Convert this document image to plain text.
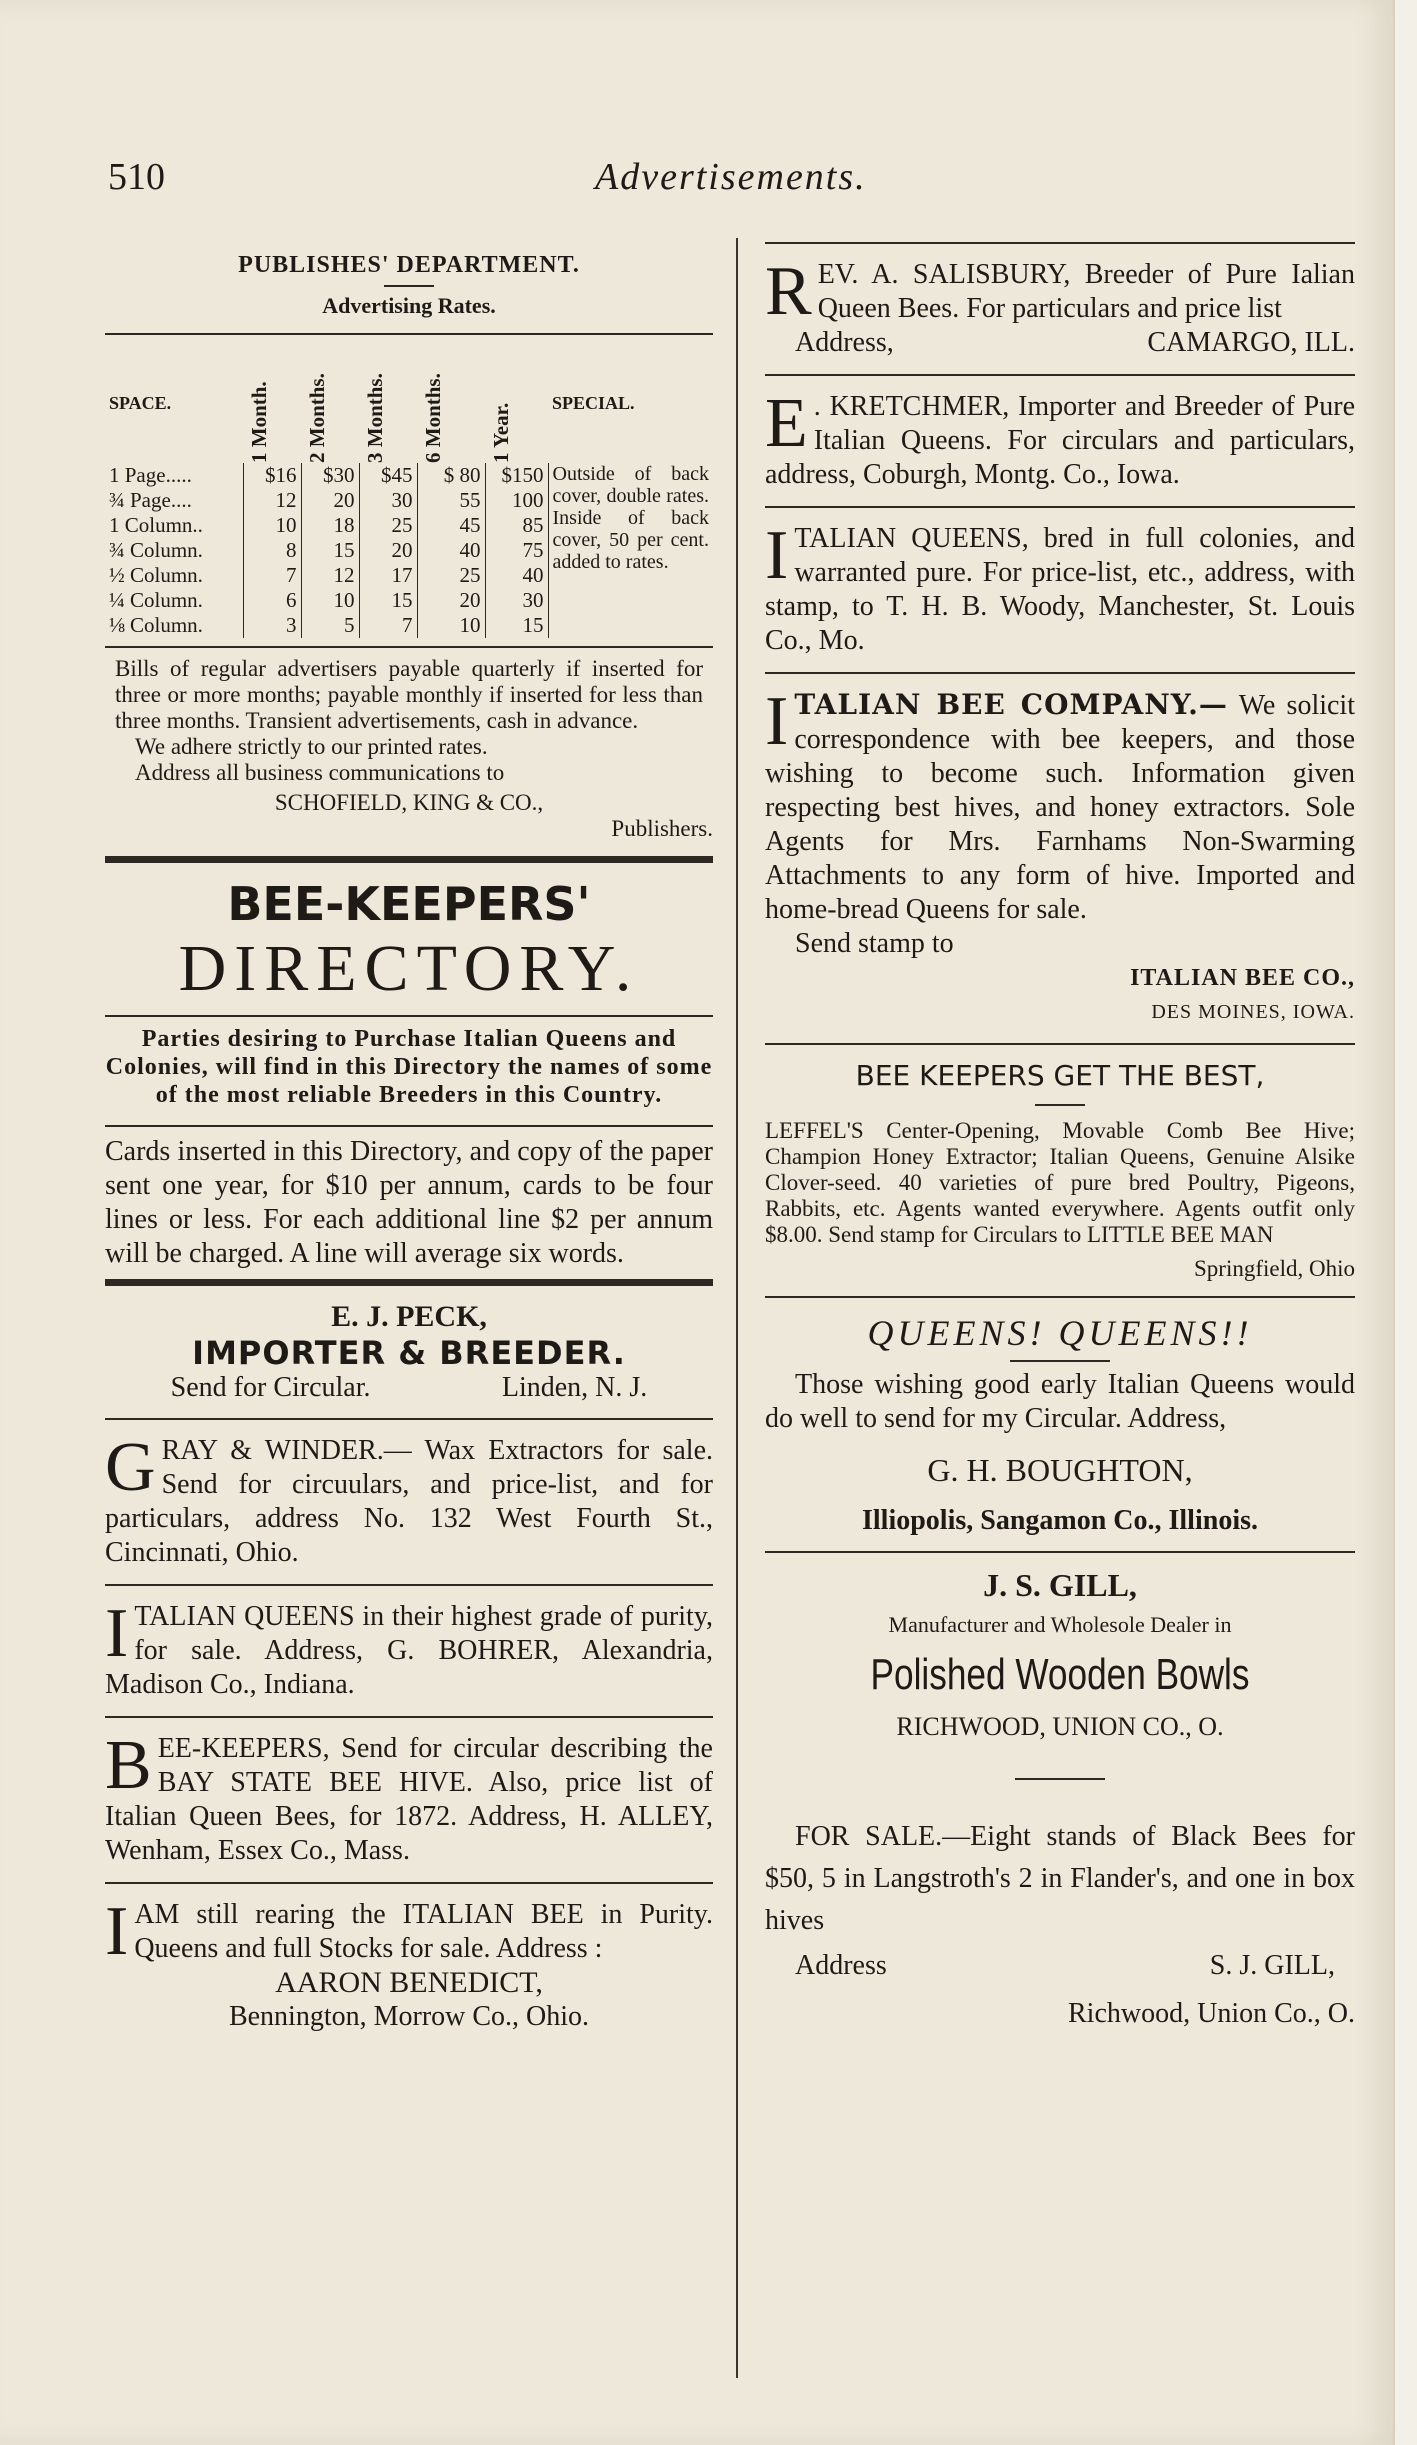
510	Advertisements.
PUBLISHES' DEPARTMENT.
Advertising Rates.
SPACE.	1 Month.	2 Months.	3 Months.	6 Months.	1 Year.	SPECIAL.
1 Page.....	$16	$30	$45	$ 80	$150	Outside of back cover, double rates. Inside of back cover, 50 per cent. added to rates.
¾ Page....	12	20	30	55	100	
1 Column..	10	18	25	45	85	
¾ Column.	8	15	20	40	75	
½ Column.	7	12	17	25	40	
¼ Column.	6	10	15	20	30	
⅛ Column.	3	5	7	10	15	
Bills of regular advertisers payable quarterly if inserted for three or more months; payable monthly if inserted for less than three months. Transient advertisements, cash in advance.
We adhere strictly to our printed rates.
Address all business communications to
SCHOFIELD, KING & CO.,
Publishers.
BEE-KEEPERS'
DIRECTORY.
Parties desiring to Purchase Italian Queens and Colonies, will find in this Directory the names of some of the most reliable Breeders in this Country.
Cards inserted in this Directory, and copy of the paper sent one year, for $10 per annum, cards to be four lines or less. For each additional line $2 per annum will be charged. A line will average six words.
E. J. PECK,
IMPORTER & BREEDER.
Send for Circular.	Linden, N. J.
G RAY & WINDER.— Wax Extractors for sale. Send for circuulars, and price-list, and for particulars, address No. 132 West Fourth St., Cincinnati, Ohio.
I TALIAN QUEENS in their highest grade of purity, for sale. Address, G. BOHRER, Alexandria, Madison Co., Indiana.
B EE-KEEPERS, Send for circular describing the BAY STATE BEE HIVE. Also, price list of Italian Queen Bees, for 1872. Address, H. ALLEY, Wenham, Essex Co., Mass.
I AM still rearing the ITALIAN BEE in Purity. Queens and full Stocks for sale. Address :
AARON BENEDICT,
Bennington, Morrow Co., Ohio.
R EV. A. SALISBURY, Breeder of Pure Ialian Queen Bees. For particulars and price list
Address,	CAMARGO, ILL.
E . KRETCHMER, Importer and Breeder of Pure Italian Queens. For circulars and particulars, address, Coburgh, Montg. Co., Iowa.
I TALIAN QUEENS, bred in full colonies, and warranted pure. For price-list, etc., address, with stamp, to T. H. B. Woody, Manchester, St. Louis Co., Mo.
I TALIAN BEE COMPANY.— We solicit correspondence with bee keepers, and those wishing to become such. Information given respecting best hives, and honey extractors. Sole Agents for Mrs. Farnhams Non-Swarming Attachments to any form of hive. Imported and home-bread Queens for sale.
Send stamp to
ITALIAN BEE CO.,
DES MOINES, IOWA.
BEE KEEPERS GET THE BEST,
LEFFEL'S Center-Opening, Movable Comb Bee Hive; Champion Honey Extractor; Italian Queens, Genuine Alsike Clover-seed. 40 varieties of pure bred Poultry, Pigeons, Rabbits, etc. Agents wanted everywhere. Agents outfit only $8.00. Send stamp for Circulars to LITTLE BEE MAN
Springfield, Ohio
QUEENS! QUEENS!!
Those wishing good early Italian Queens would do well to send for my Circular. Address,
G. H. BOUGHTON,
Illiopolis, Sangamon Co., Illinois.
J. S. GILL,
Manufacturer and Wholesole Dealer in
Polished Wooden Bowls
RICHWOOD, UNION CO., O.
FOR SALE.—Eight stands of Black Bees for $50, 5 in Langstroth's 2 in Flander's, and one in box hives
Address	S. J. GILL,
Richwood, Union Co., O.
